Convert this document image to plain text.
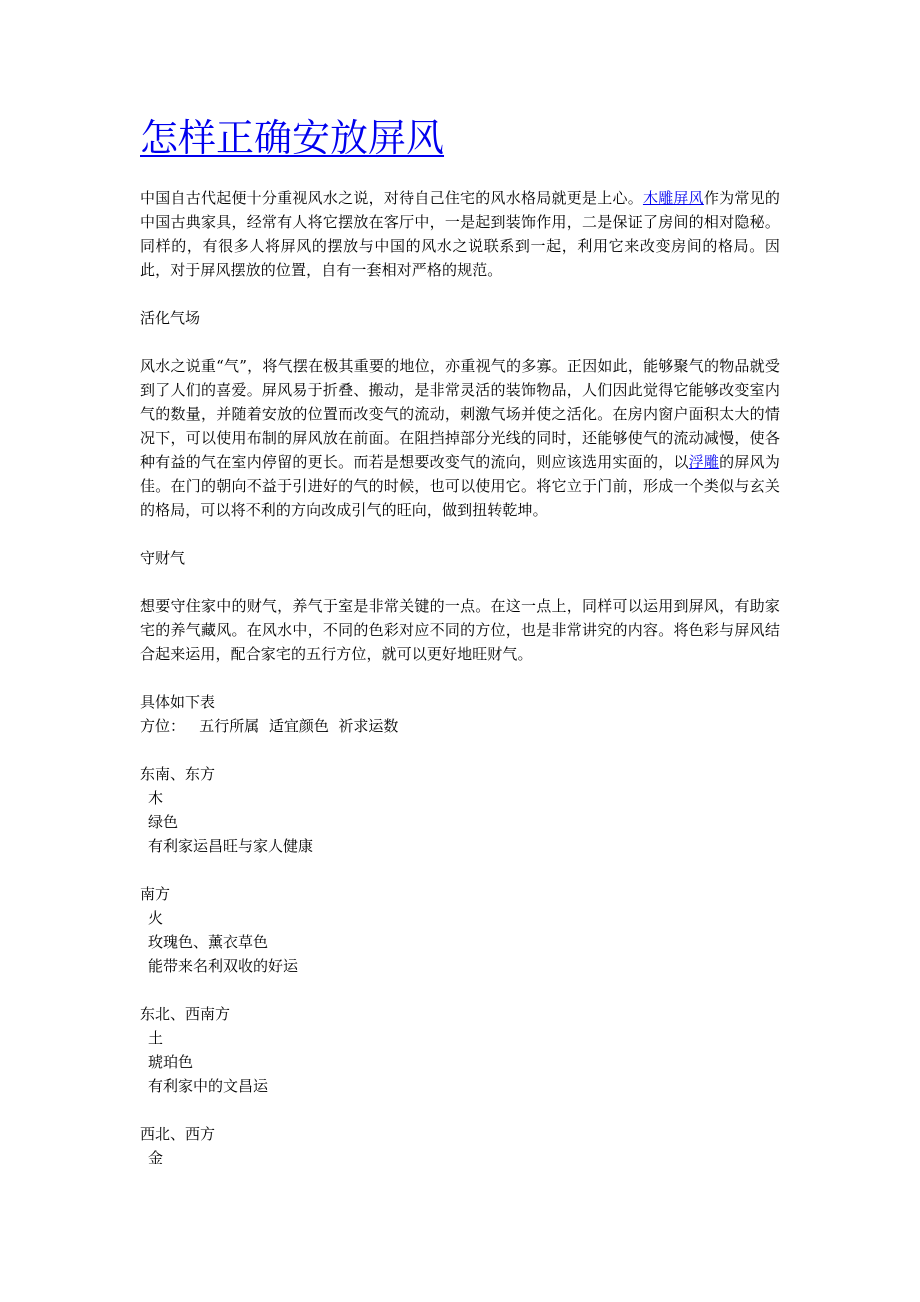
怎样正确安放屏风

中国自古代起便十分重视风水之说，对待自己住宅的风水格局就更是上心。木雕屏风作为常见的中国古典家具，经常有人将它摆放在客厅中，一是起到装饰作用，二是保证了房间的相对隐秘。同样的，有很多人将屏风的摆放与中国的风水之说联系到一起，利用它来改变房间的格局。因此，对于屏风摆放的位置，自有一套相对严格的规范。

活化气场

风水之说重“气”，将气摆在极其重要的地位，亦重视气的多寡。正因如此，能够聚气的物品就受到了人们的喜爱。屏风易于折叠、搬动，是非常灵活的装饰物品，人们因此觉得它能够改变室内气的数量，并随着安放的位置而改变气的流动，刺激气场并使之活化。在房内窗户面积太大的情况下，可以使用布制的屏风放在前面。在阻挡掉部分光线的同时，还能够使气的流动减慢，使各种有益的气在室内停留的更长。而若是想要改变气的流向，则应该选用实面的，以浮雕的屏风为佳。在门的朝向不益于引进好的气的时候，也可以使用它。将它立于门前，形成一个类似与玄关的格局，可以将不利的方向改成引气的旺向，做到扭转乾坤。

守财气

想要守住家中的财气，养气于室是非常关键的一点。在这一点上，同样可以运用到屏风，有助家宅的养气藏风。在风水中，不同的色彩对应不同的方位，也是非常讲究的内容。将色彩与屏风结合起来运用，配合家宅的五行方位，就可以更好地旺财气。

具体如下表

方位：   五行所属  适宜颜色  祈求运数

东南、东方

木

绿色

有利家运昌旺与家人健康

南方

火

玫瑰色、薰衣草色

能带来名利双收的好运

东北、西南方

土

琥珀色

有利家中的文昌运

西北、西方

金
